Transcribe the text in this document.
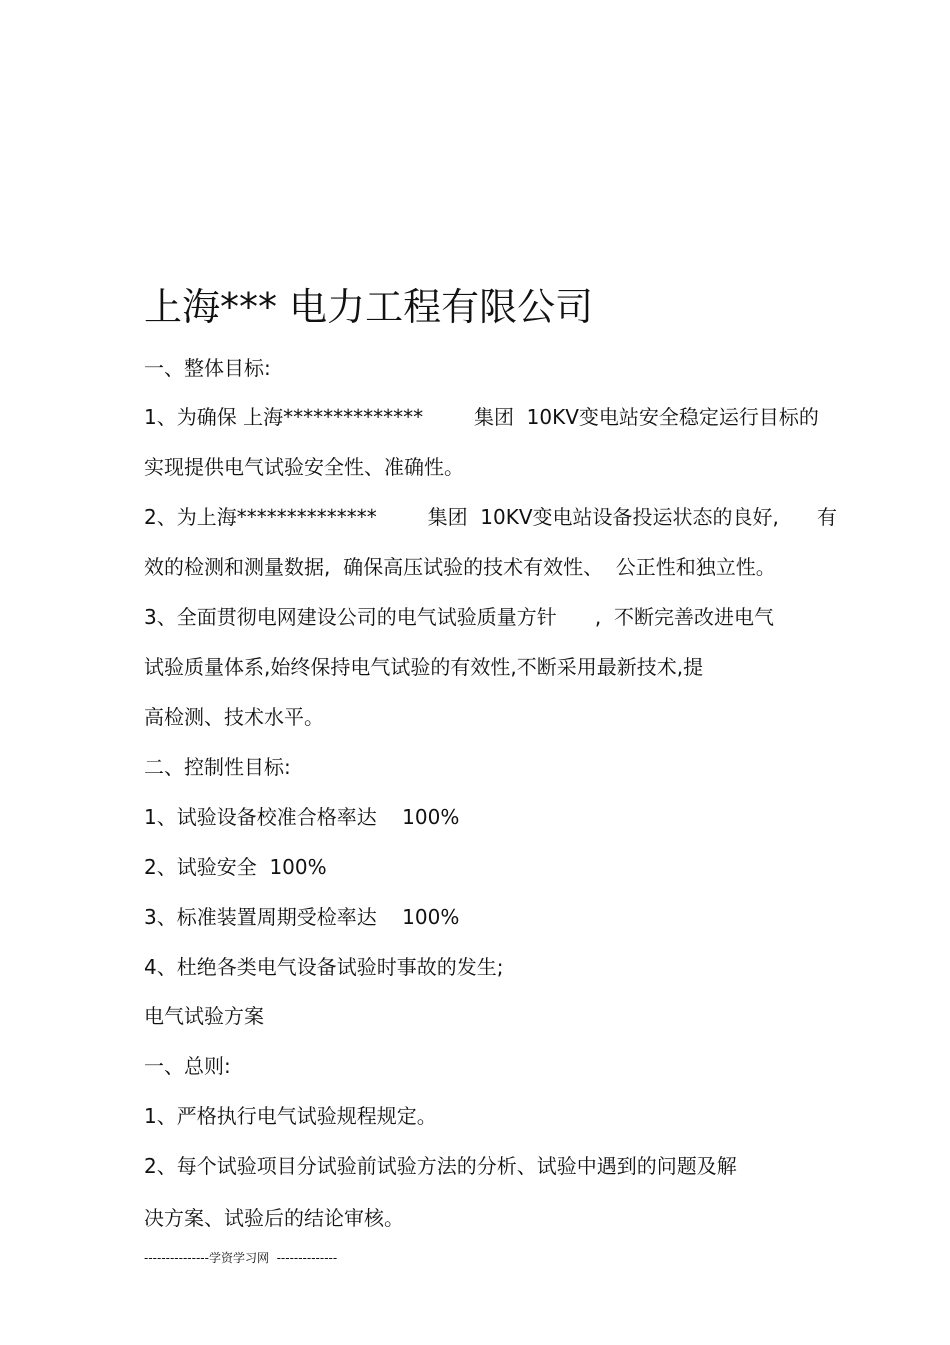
上海*** 电力工程有限公司

一、整体目标:

1、为确保 上海**************        集团  10KV变电站安全稳定运行目标的

实现提供电气试验安全性、准确性。

2、为上海**************        集团  10KV变电站设备投运状态的良好,      有

效的检测和测量数据,  确保高压试验的技术有效性、  公正性和独立性。

3、全面贯彻电网建设公司的电气试验质量方针      ,  不断完善改进电气

试验质量体系,始终保持电气试验的有效性,不断采用最新技术,提

高检测、技术水平。

二、控制性目标:

1、试验设备校准合格率达    100%

2、试验安全  100%

3、标准装置周期受检率达    100%

4、杜绝各类电气设备试验时事故的发生;

电气试验方案

一、总则:

1、严格执行电气试验规程规定。

2、每个试验项目分试验前试验方法的分析、试验中遇到的问题及解

决方案、试验后的结论审核。

---------------学资学习网  --------------
